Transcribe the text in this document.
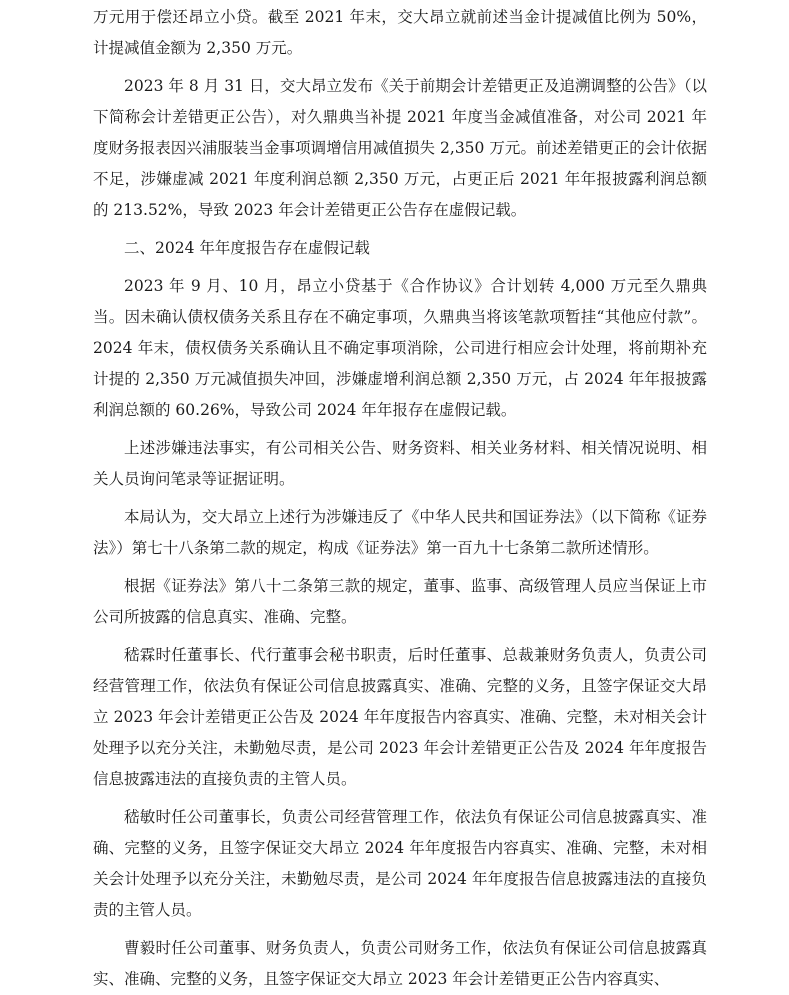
万元用于偿还昂立小贷。截至 2021 年末，交大昂立就前述当金计提减值比例为 50%，计提减值金额为 2,350 万元。

2023 年 8 月 31 日，交大昂立发布《关于前期会计差错更正及追溯调整的公告》（以下简称会计差错更正公告），对久鼎典当补提 2021 年度当金减值准备，对公司 2021 年度财务报表因兴浦服装当金事项调增信用减值损失 2,350 万元。前述差错更正的会计依据不足，涉嫌虚减 2021 年度利润总额 2,350 万元，占更正后 2021 年年报披露利润总额的 213.52%，导致 2023 年会计差错更正公告存在虚假记载。

二、2024 年年度报告存在虚假记载

2023 年 9 月、10 月，昂立小贷基于《合作协议》合计划转 4,000 万元至久鼎典当。因未确认债权债务关系且存在不确定事项，久鼎典当将该笔款项暂挂“其他应付款”。2024 年末，债权债务关系确认且不确定事项消除，公司进行相应会计处理，将前期补充计提的 2,350 万元减值损失冲回，涉嫌虚增利润总额 2,350 万元，占 2024 年年报披露利润总额的 60.26%，导致公司 2024 年年报存在虚假记载。

上述涉嫌违法事实，有公司相关公告、财务资料、相关业务材料、相关情况说明、相关人员询问笔录等证据证明。

本局认为，交大昂立上述行为涉嫌违反了《中华人民共和国证券法》（以下简称《证券法》）第七十八条第二款的规定，构成《证券法》第一百九十七条第二款所述情形。

根据《证券法》第八十二条第三款的规定，董事、监事、高级管理人员应当保证上市公司所披露的信息真实、准确、完整。

嵇霖时任董事长、代行董事会秘书职责，后时任董事、总裁兼财务负责人，负责公司经营管理工作，依法负有保证公司信息披露真实、准确、完整的义务，且签字保证交大昂立 2023 年会计差错更正公告及 2024 年年度报告内容真实、准确、完整，未对相关会计处理予以充分关注，未勤勉尽责，是公司 2023 年会计差错更正公告及 2024 年年度报告信息披露违法的直接负责的主管人员。

嵇敏时任公司董事长，负责公司经营管理工作，依法负有保证公司信息披露真实、准确、完整的义务，且签字保证交大昂立 2024 年年度报告内容真实、准确、完整，未对相关会计处理予以充分关注，未勤勉尽责，是公司 2024 年年度报告信息披露违法的直接负责的主管人员。

曹毅时任公司董事、财务负责人，负责公司财务工作，依法负有保证公司信息披露真实、准确、完整的义务，且签字保证交大昂立 2023 年会计差错更正公告内容真实、
